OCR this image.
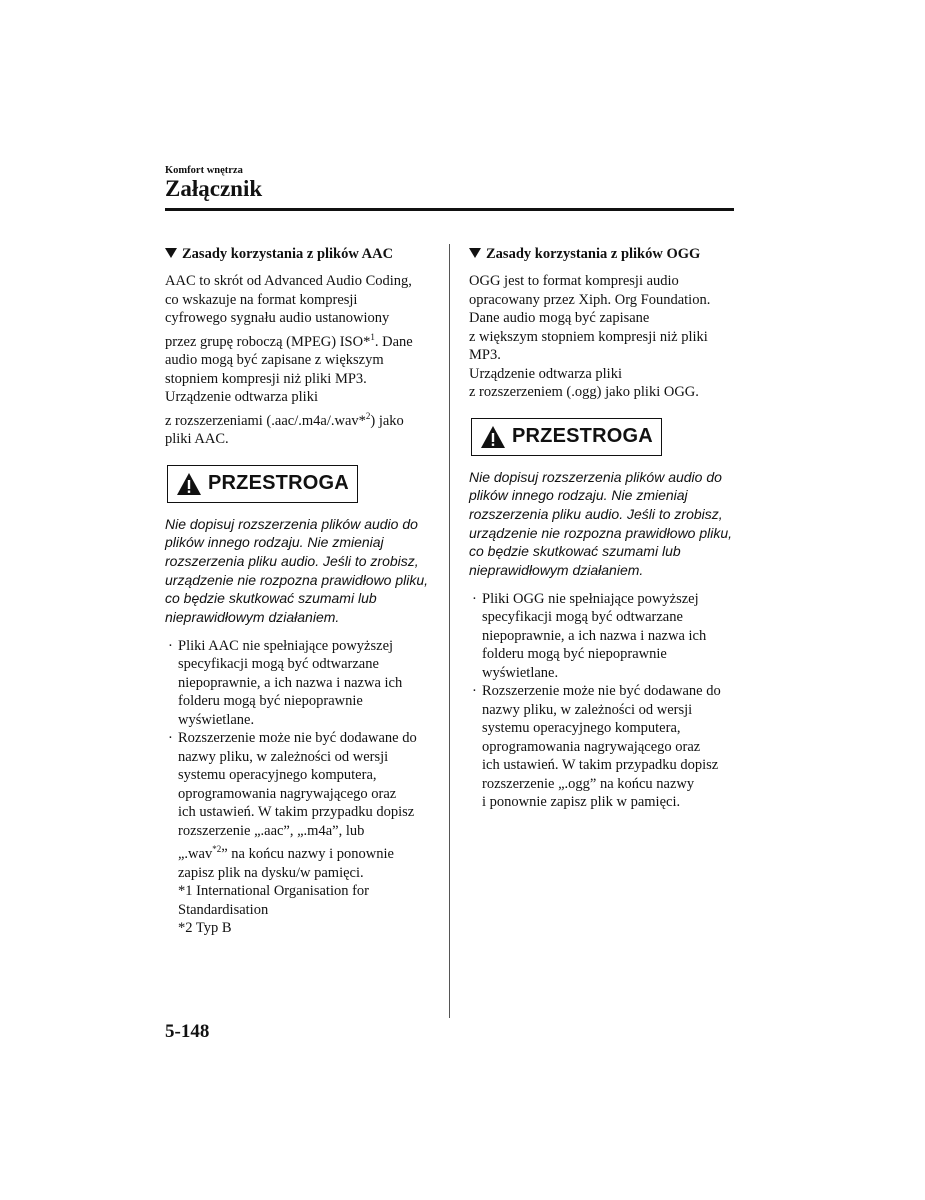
Komfort wnętrza
Załącznik
Zasady korzystania z plików AAC
AAC to skrót od Advanced Audio Coding,
co wskazuje na format kompresji
cyfrowego sygnału audio ustanowiony
przez grupę roboczą (MPEG) ISO*$^1$. Dane
audio mogą być zapisane z większym
stopniem kompresji niż pliki MP3.
Urządzenie odtwarza pliki
z rozszerzeniami (.aac/.m4a/.wav*$^2$) jako
pliki AAC.
PRZESTROGA
Nie dopisuj rozszerzenia plików audio do
plików innego rodzaju. Nie zmieniaj
rozszerzenia pliku audio. Jeśli to zrobisz,
urządzenie nie rozpozna prawidłowo pliku,
co będzie skutkować szumami lub
nieprawidłowym działaniem.
· Pliki AAC nie spełniające powyższej
specyfikacji mogą być odtwarzane
niepoprawnie, a ich nazwa i nazwa ich
folderu mogą być niepoprawnie
wyświetlane.
· Rozszerzenie może nie być dodawane do
nazwy pliku, w zależności od wersji
systemu operacyjnego komputera,
oprogramowania nagrywającego oraz
ich ustawień. W takim przypadku dopisz
rozszerzenie „.aac”, „.m4a”, lub
„.wav$^{*2}$” na końcu nazwy i ponownie
zapisz plik na dysku/w pamięci.
*1 International Organisation for
Standardisation
*2 Typ B
Zasady korzystania z plików OGG
OGG jest to format kompresji audio
opracowany przez Xiph. Org Foundation.
Dane audio mogą być zapisane
z większym stopniem kompresji niż pliki
MP3.
Urządzenie odtwarza pliki
z rozszerzeniem (.ogg) jako pliki OGG.
PRZESTROGA
Nie dopisuj rozszerzenia plików audio do
plików innego rodzaju. Nie zmieniaj
rozszerzenia pliku audio. Jeśli to zrobisz,
urządzenie nie rozpozna prawidłowo pliku,
co będzie skutkować szumami lub
nieprawidłowym działaniem.
· Pliki OGG nie spełniające powyższej
specyfikacji mogą być odtwarzane
niepoprawnie, a ich nazwa i nazwa ich
folderu mogą być niepoprawnie
wyświetlane.
· Rozszerzenie może nie być dodawane do
nazwy pliku, w zależności od wersji
systemu operacyjnego komputera,
oprogramowania nagrywającego oraz
ich ustawień. W takim przypadku dopisz
rozszerzenie „.ogg” na końcu nazwy
i ponownie zapisz plik w pamięci.
5-148
